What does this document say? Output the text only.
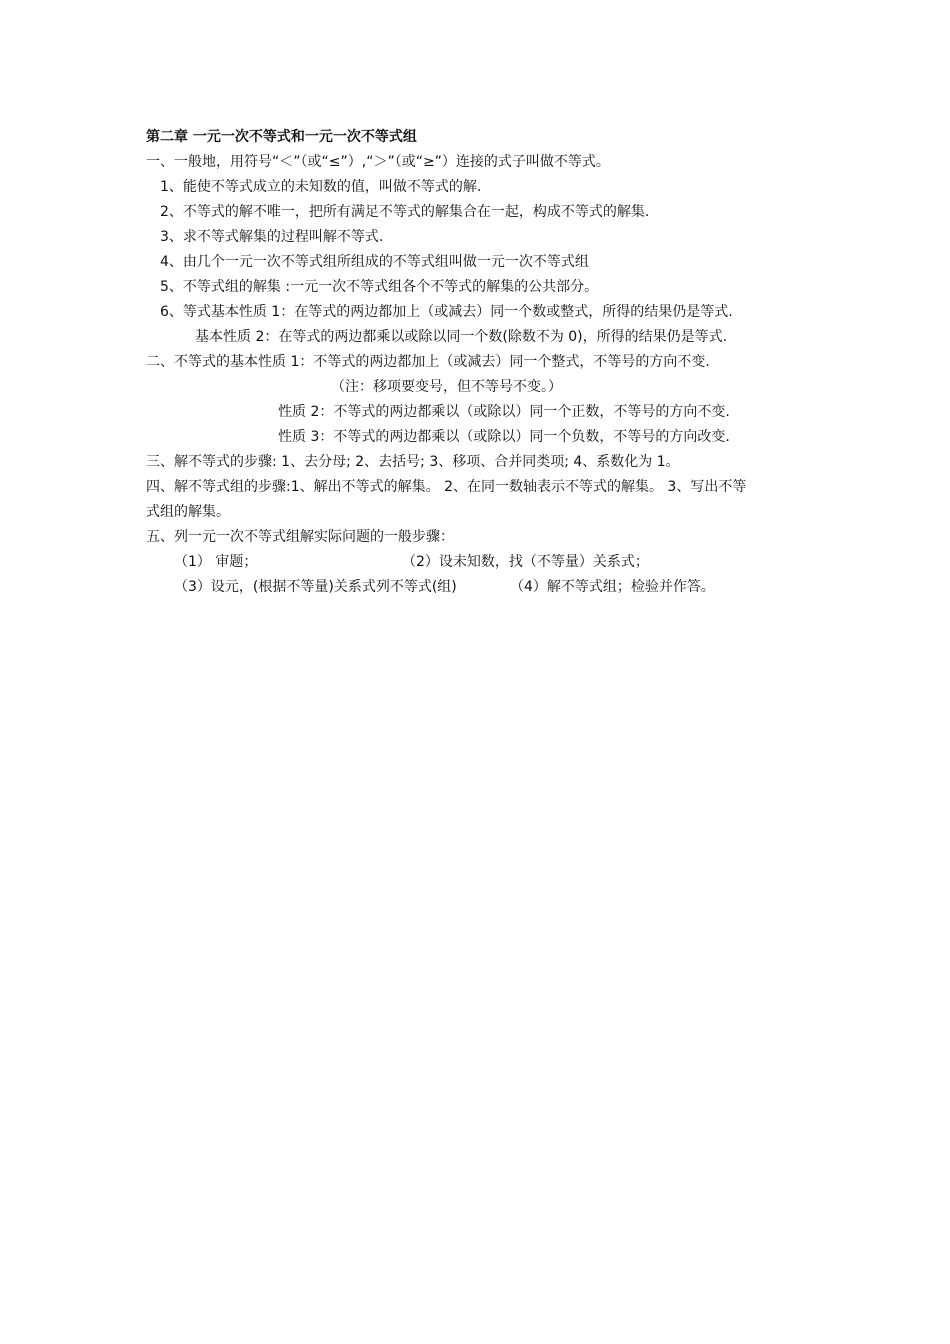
第二章 一元一次不等式和一元一次不等式组
一、一般地，用符号“＜”（或“≤”）,“＞”（或“≥”）连接的式子叫做不等式。
1、能使不等式成立的未知数的值，叫做不等式的解.
2、不等式的解不唯一，把所有满足不等式的解集合在一起，构成不等式的解集.
3、求不等式解集的过程叫解不等式.
4、由几个一元一次不等式组所组成的不等式组叫做一元一次不等式组
5、不等式组的解集 :一元一次不等式组各个不等式的解集的公共部分。
6、等式基本性质 1：在等式的两边都加上（或减去）同一个数或整式，所得的结果仍是等式.
基本性质 2：在等式的两边都乘以或除以同一个数(除数不为 0)，所得的结果仍是等式.
二、不等式的基本性质 1：不等式的两边都加上（或减去）同一个整式，不等号的方向不变.
（注：移项要变号，但不等号不变。）
性质 2：不等式的两边都乘以（或除以）同一个正数，不等号的方向不变.
性质 3：不等式的两边都乘以（或除以）同一个负数，不等号的方向改变.
三、解不等式的步骤: 1、去分母; 2、去括号; 3、移项、合并同类项; 4、系数化为 1。
四、解不等式组的步骤:1、解出不等式的解集。 2、在同一数轴表示不等式的解集。 3、写出不等
式组的解集。
五、列一元一次不等式组解实际问题的一般步骤：
（1） 审题；	（2）设未知数，找（不等量）关系式；
（3）设元，(根据不等量)关系式列不等式(组)	（4）解不等式组；检验并作答。
